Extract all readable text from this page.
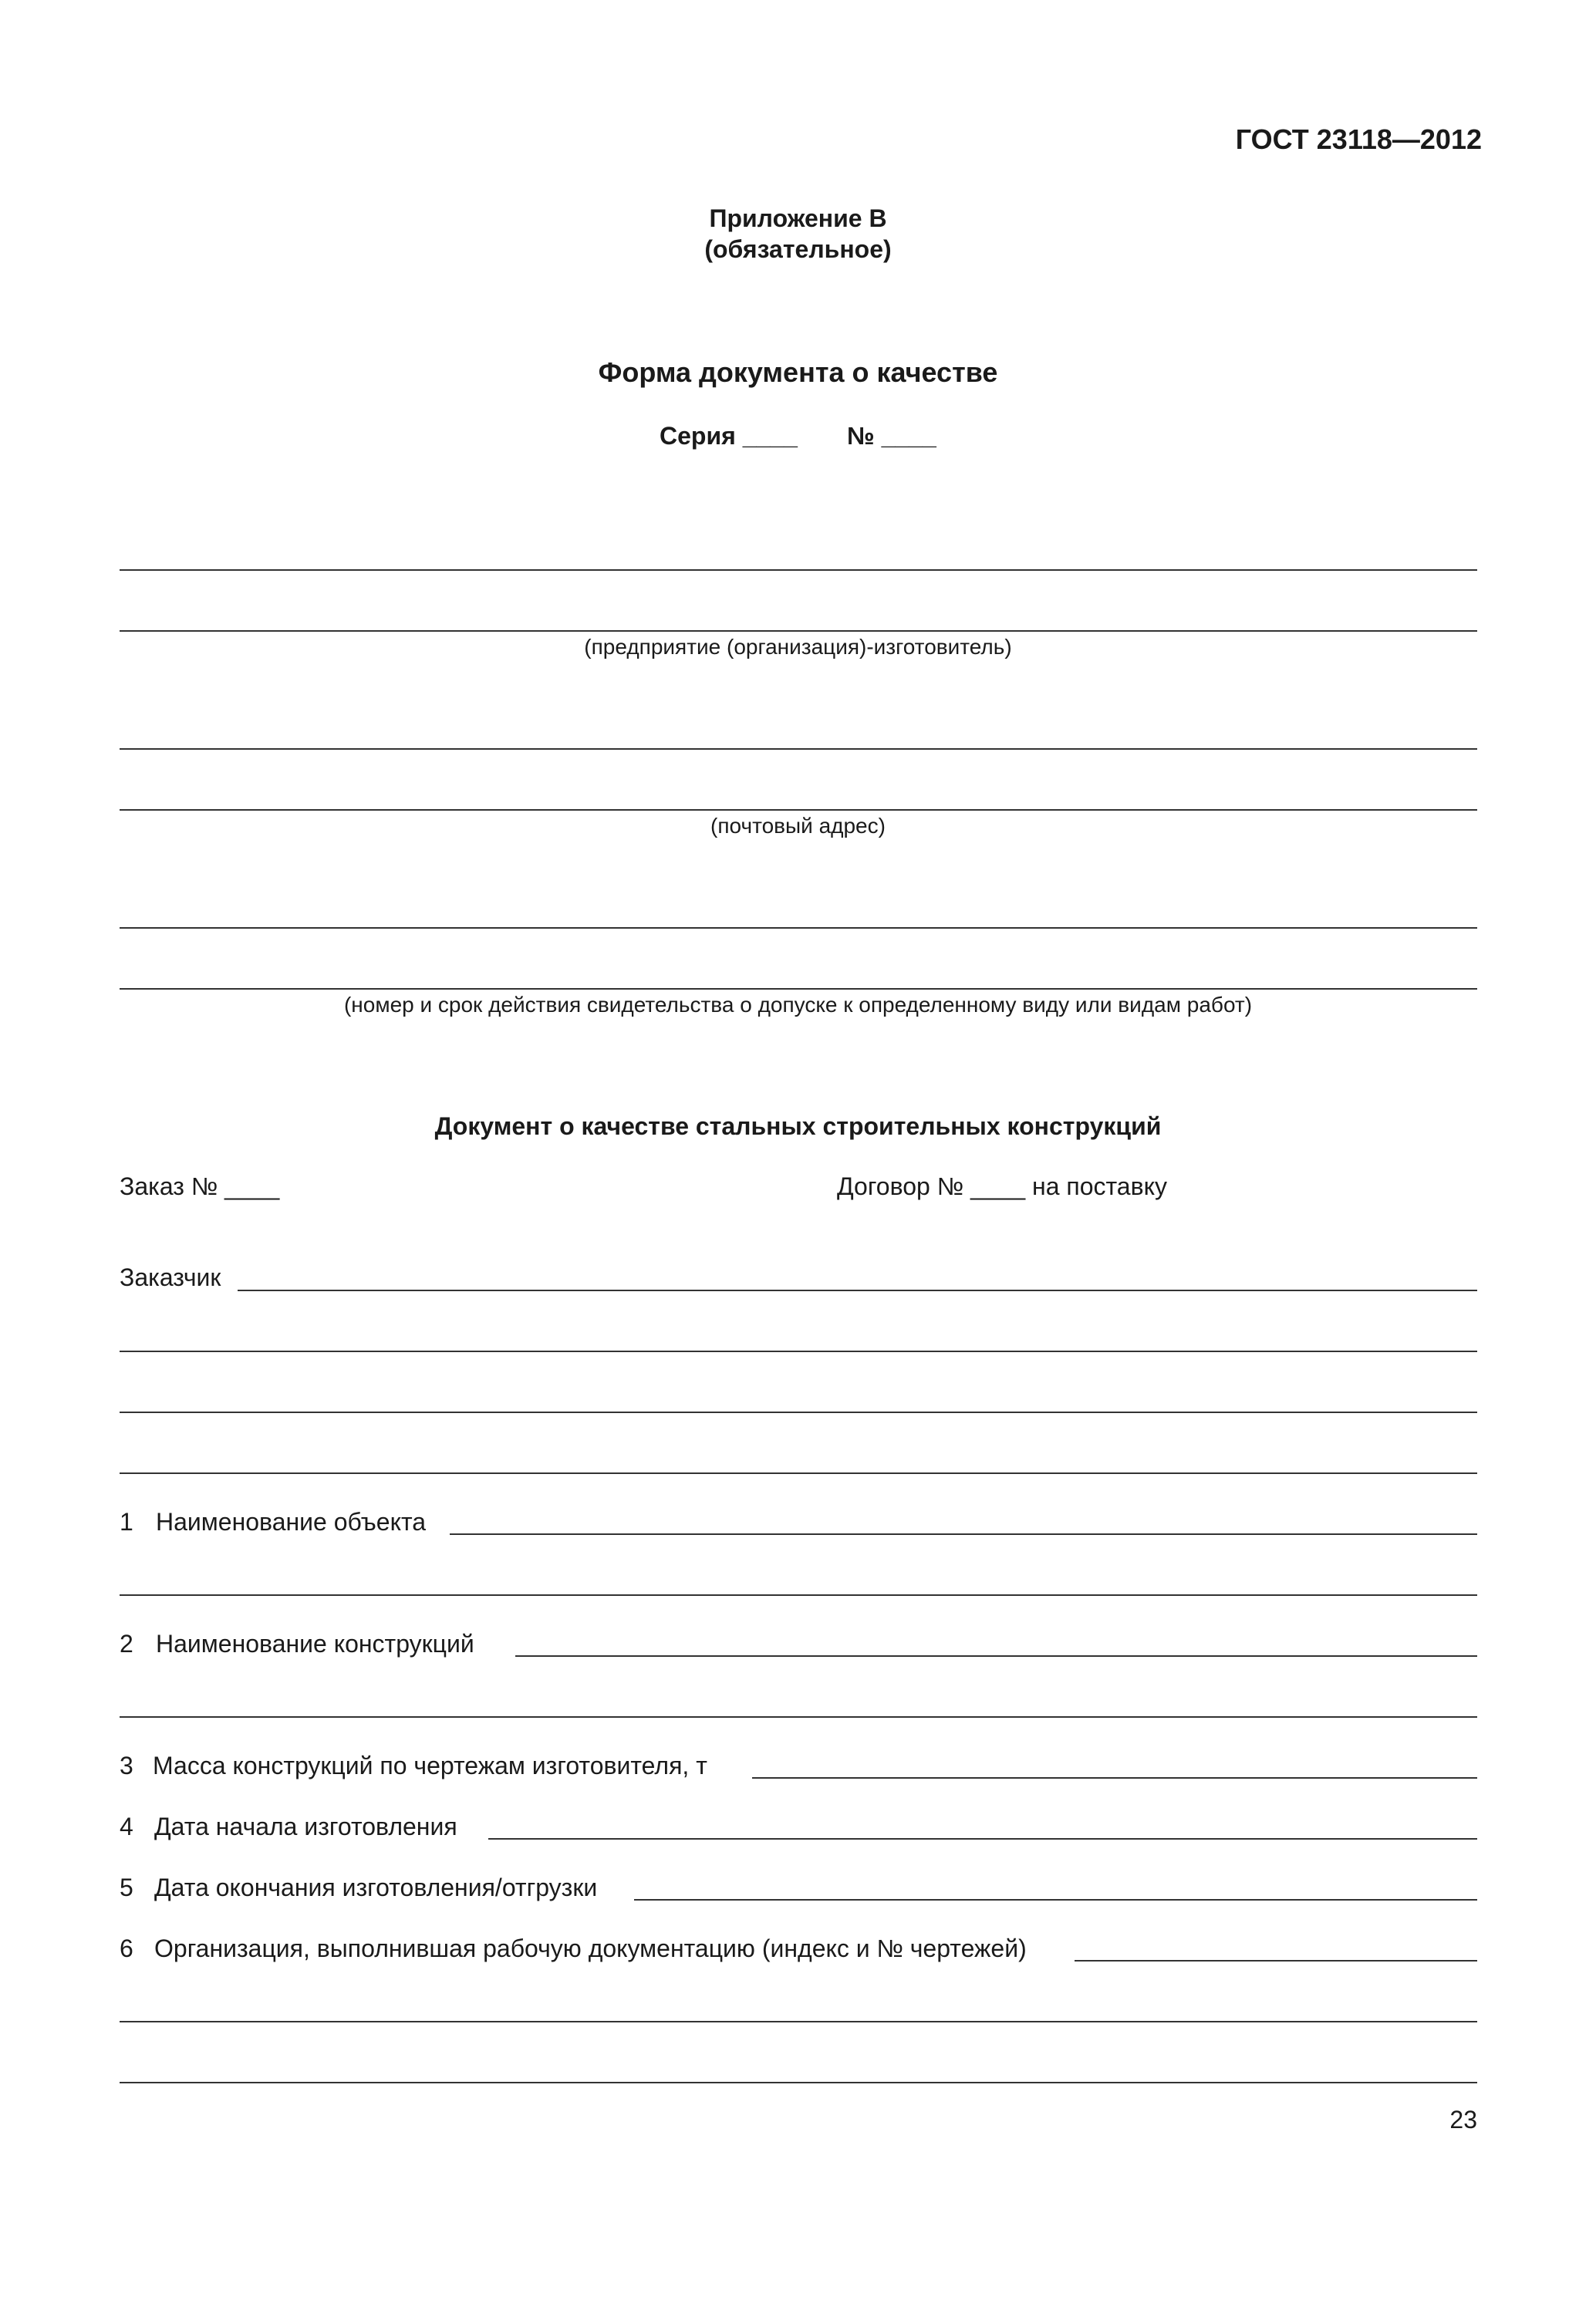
ГОСТ 23118—2012
Приложение В
(обязательное)
Форма документа о качестве
Серия ____ № ____
(предприятие (организация)-изготовитель)
(почтовый адрес)
(номер и срок действия свидетельства о допуске к определенному виду или видам работ)
Документ о качестве стальных строительных конструкций
Заказ № ____	Договор № ____ на поставку
Заказчик
1 Наименование объекта
2 Наименование конструкций
3 Масса конструкций по чертежам изготовителя, т
4 Дата начала изготовления
5 Дата окончания изготовления/отгрузки
6 Организация, выполнившая рабочую документацию (индекс и № чертежей)
23
